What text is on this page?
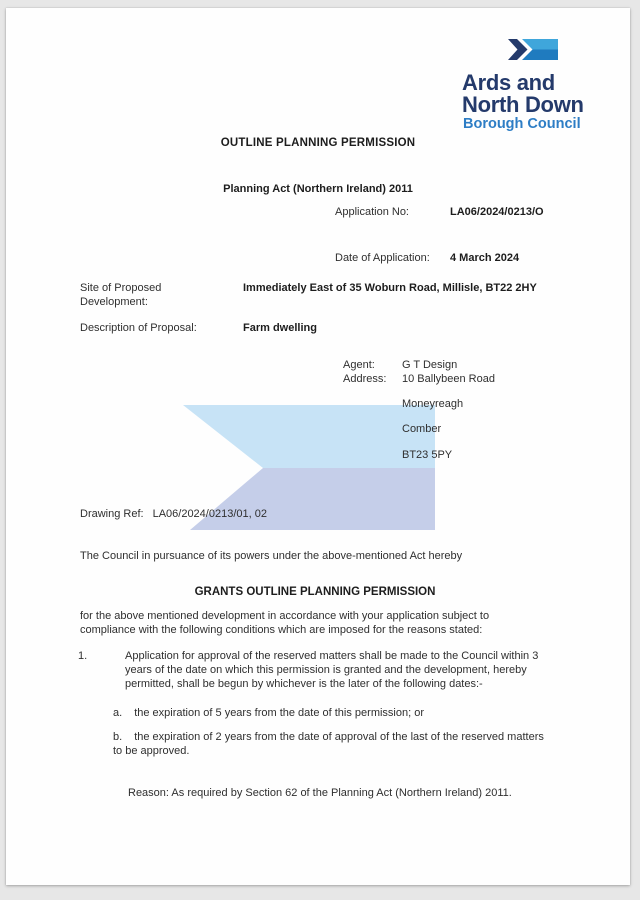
Ards and
North Down
Borough Council
OUTLINE PLANNING PERMISSION
Planning Act (Northern Ireland) 2011
Application No:	LA06/2024/0213/O
Date of Application: 4 March 2024
Site of Proposed Development:
Immediately East of 35 Woburn Road, Millisle, BT22 2HY
Description of Proposal:	Farm dwelling
Agent: G T Design
Address: 10 Ballybeen Road
Moneyreagh
Comber
BT23 5PY
Drawing Ref: LA06/2024/0213/01, 02
The Council in pursuance of its powers under the above-mentioned Act hereby
GRANTS OUTLINE PLANNING PERMISSION
for the above mentioned development in accordance with your application subject to compliance with the following conditions which are imposed for the reasons stated:
1.	Application for approval of the reserved matters shall be made to the Council within 3 years of the date on which this permission is granted and the development, hereby permitted, shall be begun by whichever is the later of the following dates:-
a. the expiration of 5 years from the date of this permission; or
b. the expiration of 2 years from the date of approval of the last of the reserved matters to be approved.
Reason: As required by Section 62 of the Planning Act (Northern Ireland) 2011.
